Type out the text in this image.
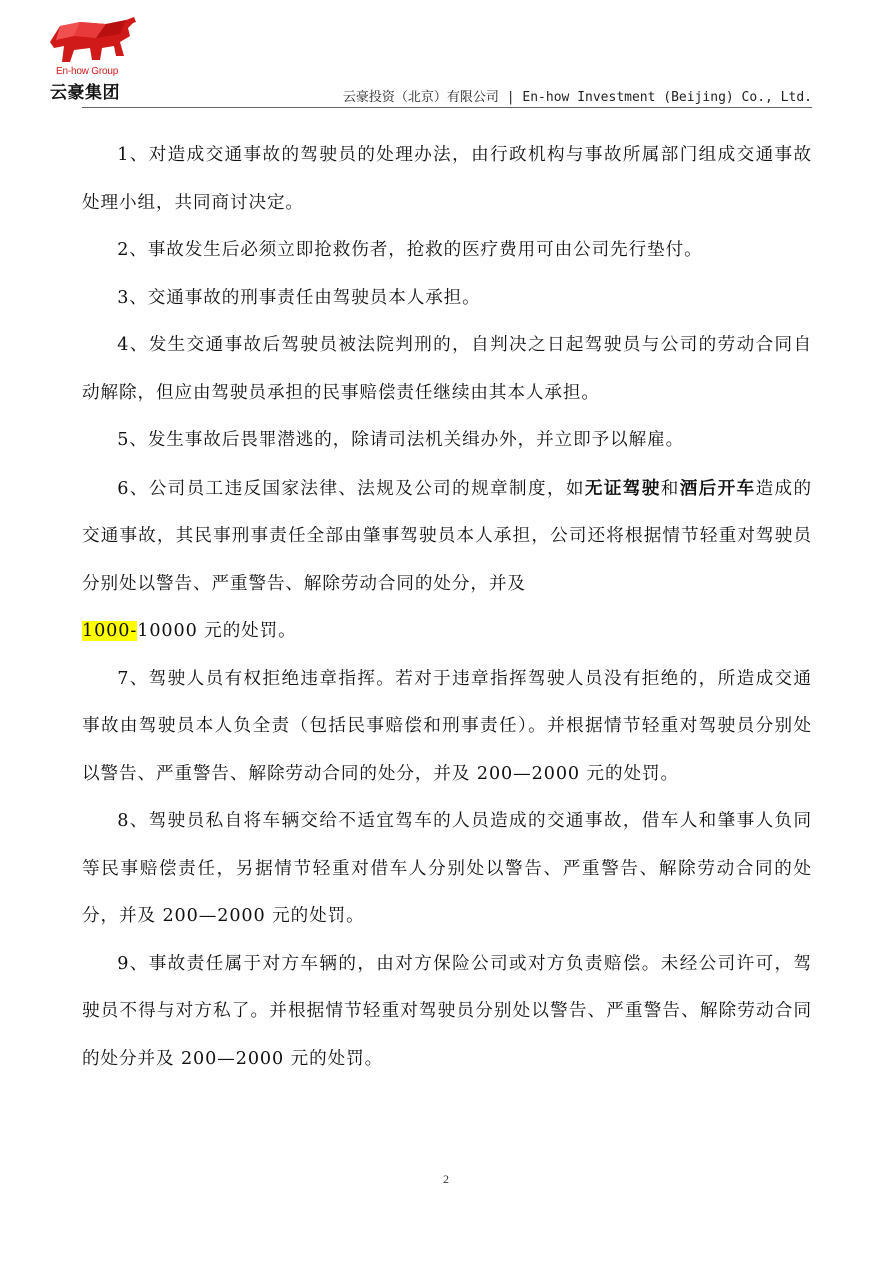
En-how Group
云豪集团	云豪投资（北京）有限公司 | En-how Investment (Beijing) Co., Ltd.

1、对造成交通事故的驾驶员的处理办法，由行政机构与事故所属部门组成交通事故处理小组，共同商讨决定。

2、事故发生后必须立即抢救伤者，抢救的医疗费用可由公司先行垫付。

3、交通事故的刑事责任由驾驶员本人承担。

4、发生交通事故后驾驶员被法院判刑的，自判决之日起驾驶员与公司的劳动合同自动解除，但应由驾驶员承担的民事赔偿责任继续由其本人承担。

5、发生事故后畏罪潜逃的，除请司法机关缉办外，并立即予以解雇。

6、公司员工违反国家法律、法规及公司的规章制度，如无证驾驶和酒后开车造成的交通事故，其民事刑事责任全部由肇事驾驶员本人承担，公司还将根据情节轻重对驾驶员分别处以警告、严重警告、解除劳动合同的处分，并及
1000-10000 元的处罚。

7、驾驶人员有权拒绝违章指挥。若对于违章指挥驾驶人员没有拒绝的，所造成交通事故由驾驶员本人负全责（包括民事赔偿和刑事责任）。并根据情节轻重对驾驶员分别处以警告、严重警告、解除劳动合同的处分，并及 200—2000 元的处罚。

8、驾驶员私自将车辆交给不适宜驾车的人员造成的交通事故，借车人和肇事人负同等民事赔偿责任，另据情节轻重对借车人分别处以警告、严重警告、解除劳动合同的处分，并及 200—2000 元的处罚。

9、事故责任属于对方车辆的，由对方保险公司或对方负责赔偿。未经公司许可，驾驶员不得与对方私了。并根据情节轻重对驾驶员分别处以警告、严重警告、解除劳动合同的处分并及 200—2000 元的处罚。

2
